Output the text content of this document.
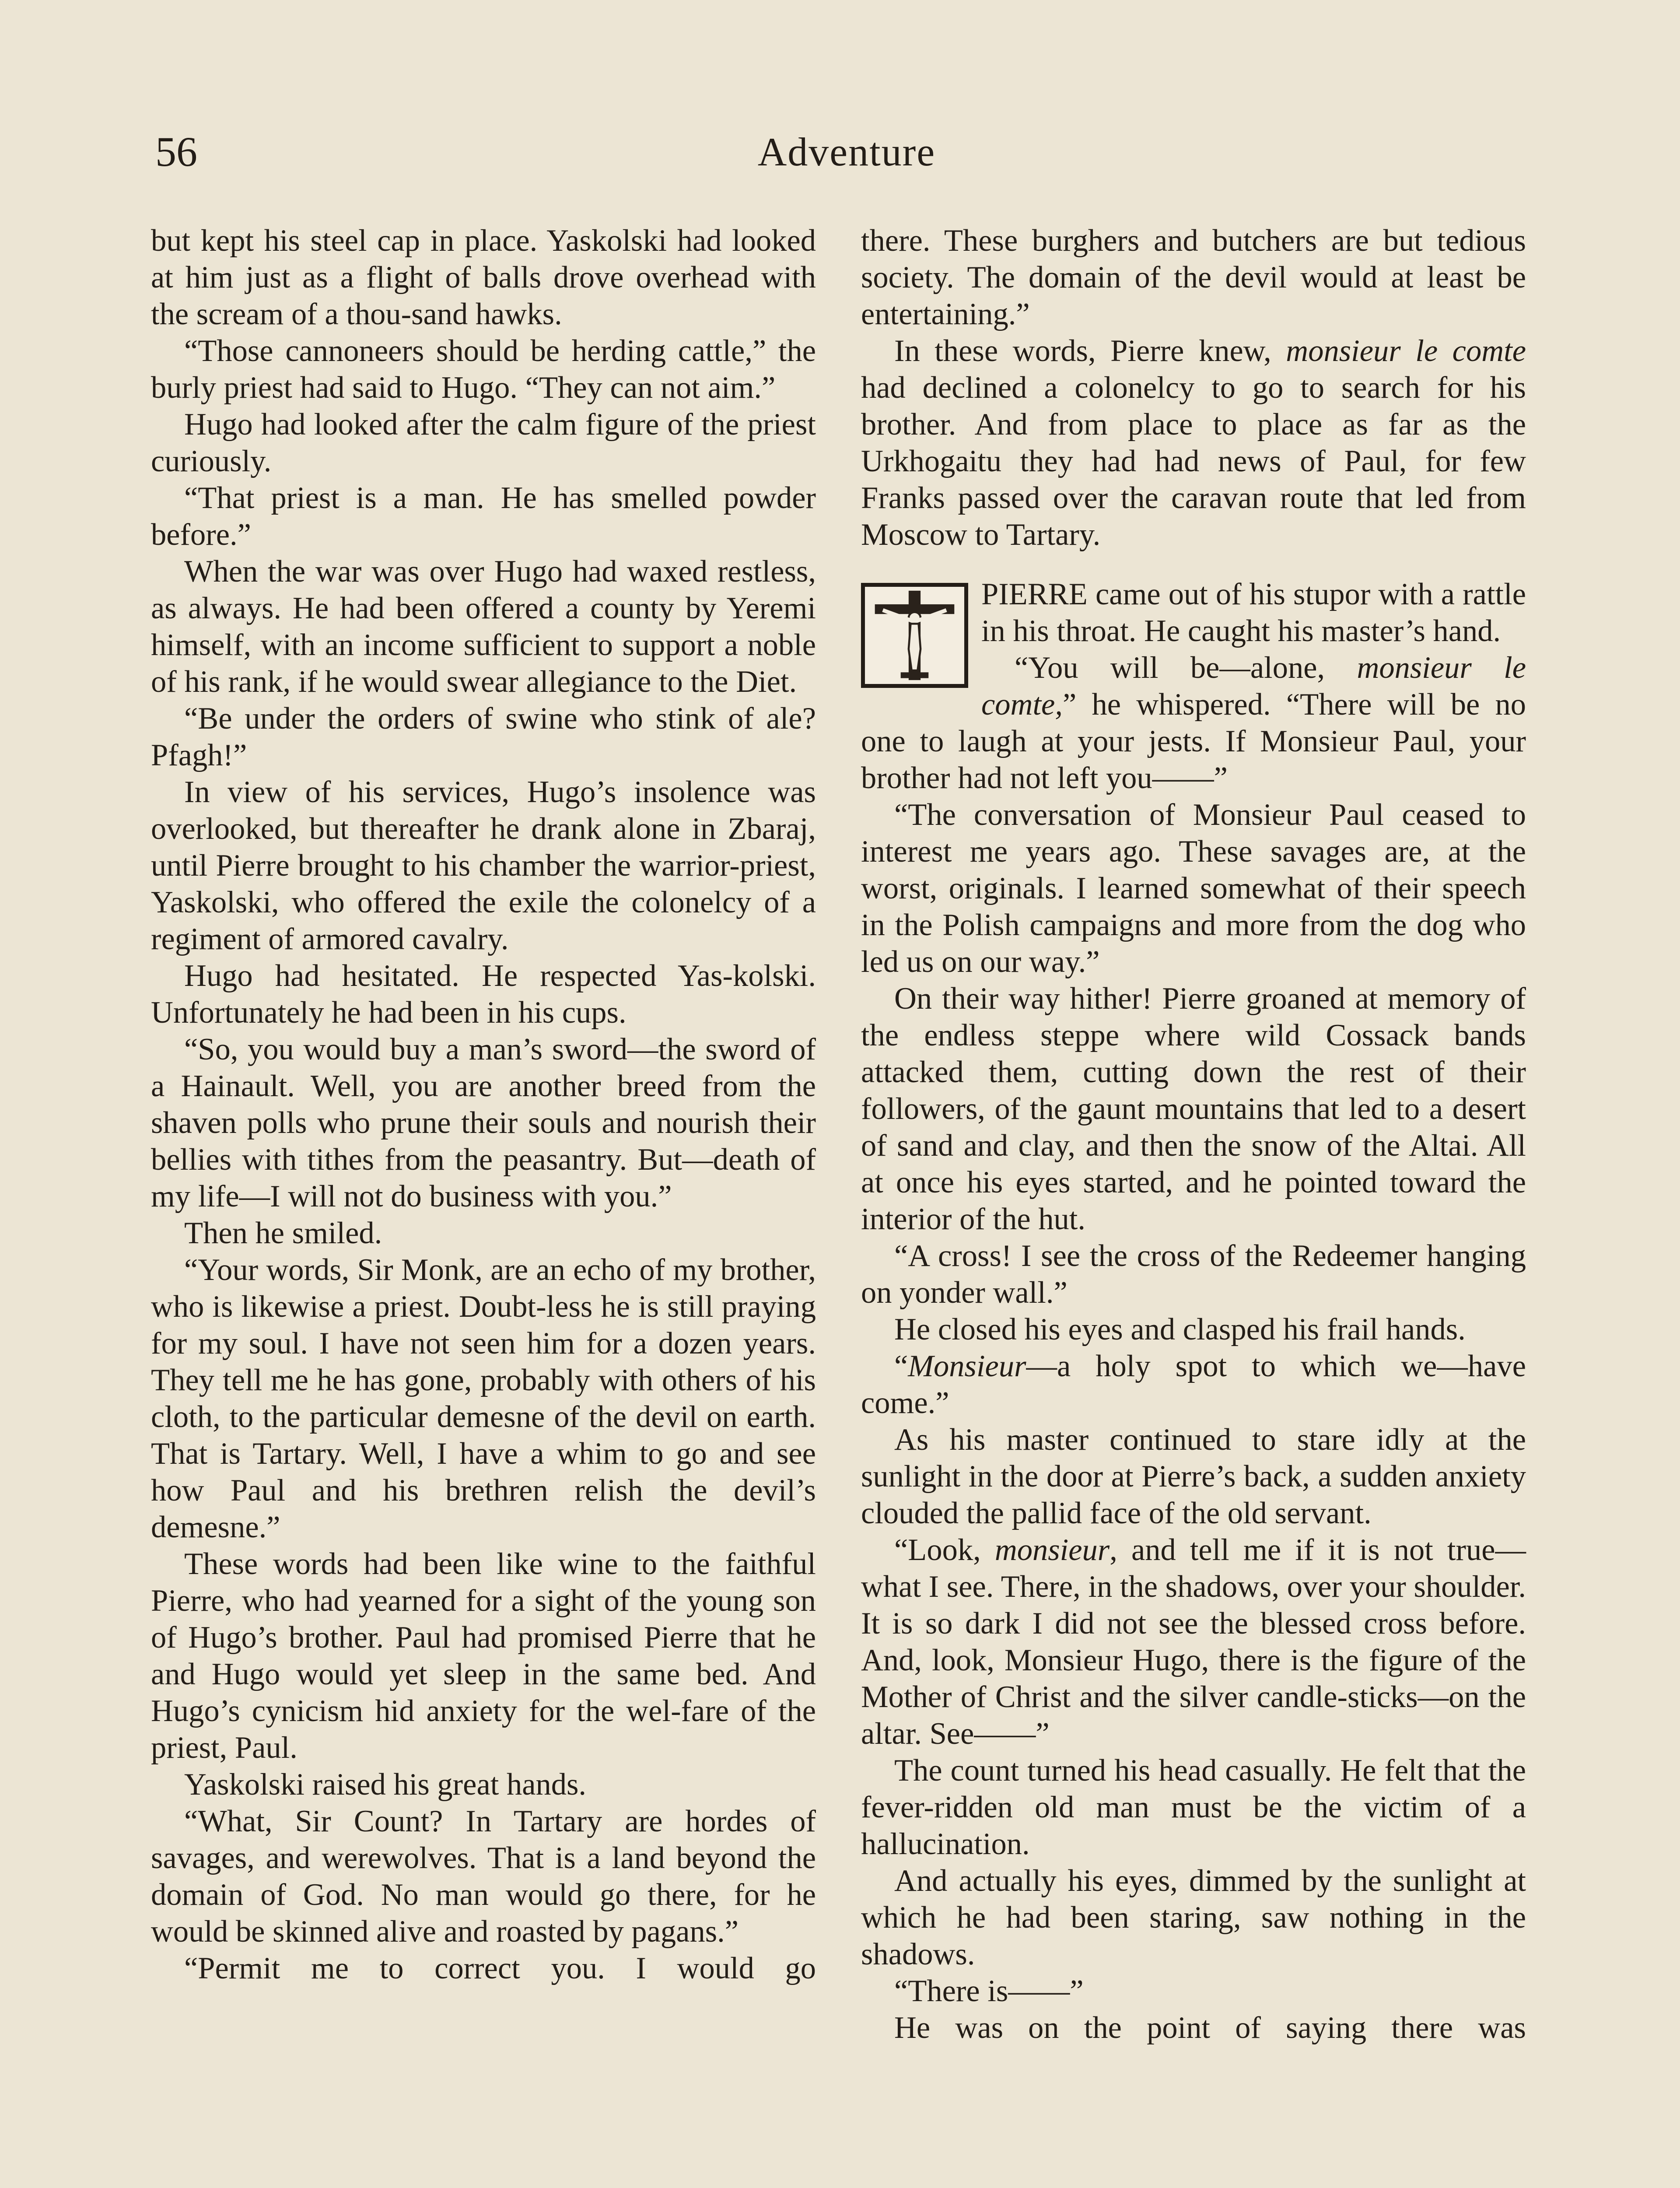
56	Adventure

but kept his steel cap in place. Yaskolski had looked at him just as a flight of balls drove overhead with the scream of a thou-sand hawks.

“Those cannoneers should be herding cattle,” the burly priest had said to Hugo. “They can not aim.”

Hugo had looked after the calm figure of the priest curiously.

“That priest is a man. He has smelled powder before.”

When the war was over Hugo had waxed restless, as always. He had been offered a county by Yeremi himself, with an income sufficient to support a noble of his rank, if he would swear allegiance to the Diet.

“Be under the orders of swine who stink of ale? Pfagh!”

In view of his services, Hugo’s insolence was overlooked, but thereafter he drank alone in Zbaraj, until Pierre brought to his chamber the warrior-priest, Yaskolski, who offered the exile the colonelcy of a regiment of armored cavalry.

Hugo had hesitated. He respected Yas-kolski. Unfortunately he had been in his cups.

“So, you would buy a man’s sword—the sword of a Hainault. Well, you are another breed from the shaven polls who prune their souls and nourish their bellies with tithes from the peasantry. But—death of my life—I will not do business with you.”

Then he smiled.

“Your words, Sir Monk, are an echo of my brother, who is likewise a priest. Doubt-less he is still praying for my soul. I have not seen him for a dozen years. They tell me he has gone, probably with others of his cloth, to the particular demesne of the devil on earth. That is Tartary. Well, I have a whim to go and see how Paul and his brethren relish the devil’s demesne.”

These words had been like wine to the faithful Pierre, who had yearned for a sight of the young son of Hugo’s brother. Paul had promised Pierre that he and Hugo would yet sleep in the same bed. And Hugo’s cynicism hid anxiety for the wel-fare of the priest, Paul.

Yaskolski raised his great hands.

“What, Sir Count? In Tartary are hordes of savages, and werewolves. That is a land beyond the domain of God. No man would go there, for he would be skinned alive and roasted by pagans.”

“Permit me to correct you. I would go

there. These burghers and butchers are but tedious society. The domain of the devil would at least be entertaining.”

In these words, Pierre knew, monsieur le comte had declined a colonelcy to go to search for his brother. And from place to place as far as the Urkhogaitu they had had news of Paul, for few Franks passed over the caravan route that led from Moscow to Tartary.

PIERRE came out of his stupor with a rattle in his throat. He caught his master’s hand.

“You will be—alone, monsieur le comte,” he whispered. “There will be no one to laugh at your jests. If Monsieur Paul, your brother had not left you——”

“The conversation of Monsieur Paul ceased to interest me years ago. These savages are, at the worst, originals. I learned somewhat of their speech in the Polish campaigns and more from the dog who led us on our way.”

On their way hither! Pierre groaned at memory of the endless steppe where wild Cossack bands attacked them, cutting down the rest of their followers, of the gaunt mountains that led to a desert of sand and clay, and then the snow of the Altai. All at once his eyes started, and he pointed toward the interior of the hut.

“A cross! I see the cross of the Redeemer hanging on yonder wall.”

He closed his eyes and clasped his frail hands.

“Monsieur—a holy spot to which we—have come.”

As his master continued to stare idly at the sunlight in the door at Pierre’s back, a sudden anxiety clouded the pallid face of the old servant.

“Look, monsieur, and tell me if it is not true—what I see. There, in the shadows, over your shoulder. It is so dark I did not see the blessed cross before. And, look, Monsieur Hugo, there is the figure of the Mother of Christ and the silver candle-sticks—on the altar. See——”

The count turned his head casually. He felt that the fever-ridden old man must be the victim of a hallucination.

And actually his eyes, dimmed by the sunlight at which he had been staring, saw nothing in the shadows.

“There is——”

He was on the point of saying there was
